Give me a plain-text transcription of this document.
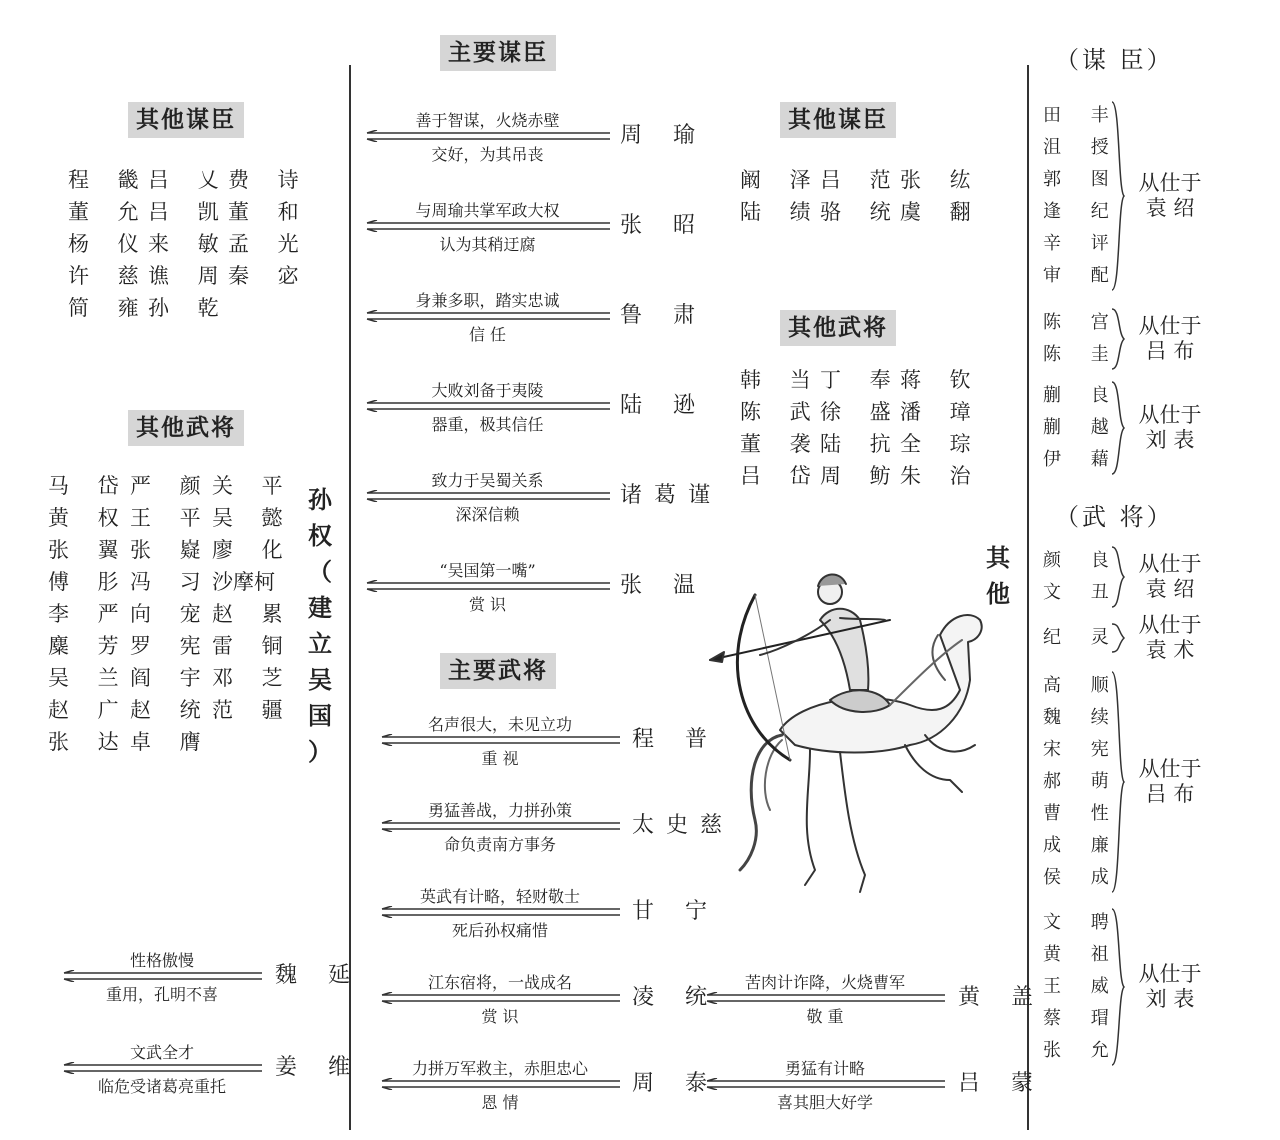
主要谋臣
其他谋臣
其他武将
其他谋臣
其他武将
主要武将
程 畿
吕 乂
费 诗
董 允
吕 凯
董 和
杨 仪
来 敏
孟 光
许 慈
谯 周
秦 宓
简 雍
孙 乾
马 岱 严 颜 关 平
黄 权 王 平 吴 懿
张 翼 张 嶷 廖 化
傅 肜 冯 习 沙摩柯
李 严 向 宠 赵 累
麋 芳 罗 宪 雷 铜
吴 兰 阎 宇 邓 芝
赵 广 赵 统 范 疆
张 达 卓 膺
孙
权
（
建
立
吴
国
）
善于智谋，火烧赤壁
交好，为其吊丧
周 瑜
与周瑜共掌军政大权
认为其稍迂腐
张 昭
身兼多职，踏实忠诚
信 任
鲁 肃
大败刘备于夷陵
器重，极其信任
陆 逊
致力于吴蜀关系
深深信赖
诸葛谨
“吴国第一嘴”
赏 识
张 温
名声很大，未见立功
重 视
程 普
勇猛善战，力拼孙策
命负责南方事务
太史慈
英武有计略，轻财敬士
死后孙权痛惜
甘 宁
江东宿将，一战成名
赏 识
凌 统
力拼万军救主，赤胆忠心
恩 情
周 泰
苦肉计诈降，火烧曹军
敬 重
黄 盖
勇猛有计略
喜其胆大好学
吕 蒙
性格傲慢
重用，孔明不喜
魏 延
文武全才
临危受诸葛亮重托
姜 维
阚 泽
吕 范
张 纮
陆 绩
骆 统
虞 翻
韩 当
丁 奉
蒋 钦
陈 武
徐 盛
潘 璋
董 袭
陆 抗
全 琮
吕 岱
周 鲂
朱 治
其
他
（谋 臣）
（武 将）
田 丰
沮 授
郭 图
逢 纪
辛 评
审 配
从仕于
袁 绍
陈 宫
陈 圭
从仕于
吕 布
蒯 良
蒯 越
伊 藉
从仕于
刘 表
颜 良
文 丑
从仕于
袁 绍
纪 灵
从仕于
袁 术
高 顺
魏 续
宋 宪
郝 萌
曹 性
成 廉
侯 成
从仕于
吕 布
文 聘
黄 祖
王 威
蔡 瑁
张 允
从仕于
刘 表
